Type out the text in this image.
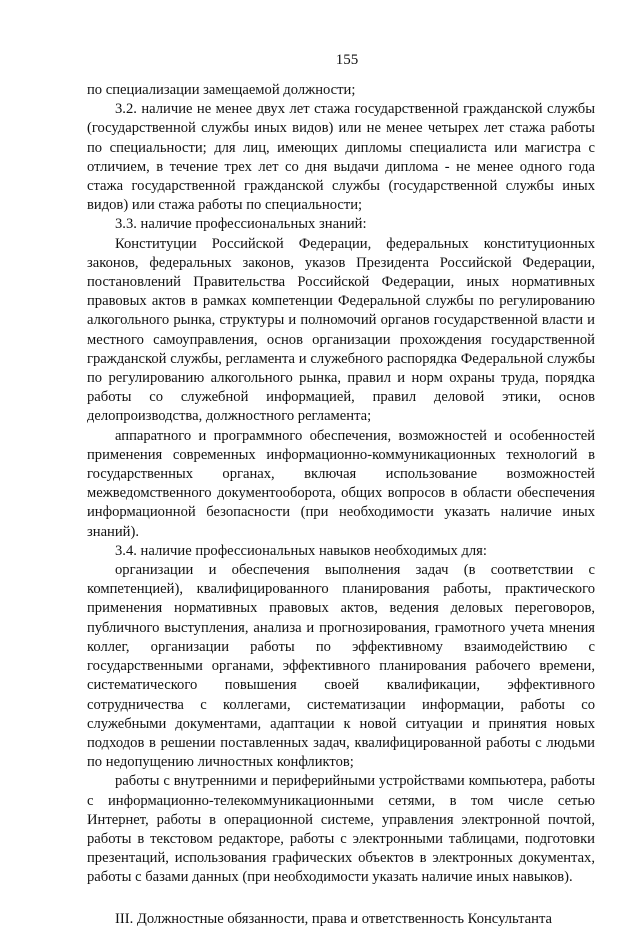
155

по специализации замещаемой должности;

3.2. наличие не менее двух лет стажа государственной гражданской службы (государственной службы иных видов) или не менее четырех лет стажа работы по специальности; для лиц, имеющих дипломы специалиста или магистра с отличием, в течение трех лет со дня выдачи диплома - не менее одного года стажа государственной гражданской службы (государственной службы иных видов) или стажа работы по специальности;

3.3. наличие профессиональных знаний:

Конституции Российской Федерации, федеральных конституционных законов, федеральных законов, указов Президента Российской Федерации, постановлений Правительства Российской Федерации, иных нормативных правовых актов в рамках компетенции Федеральной службы по регулированию алкогольного рынка, структуры и полномочий органов государственной власти и местного самоуправления, основ организации прохождения государственной гражданской службы, регламента и служебного распорядка Федеральной службы по регулированию алкогольного рынка, правил и норм охраны труда, порядка работы со служебной информацией, правил деловой этики, основ делопроизводства, должностного регламента;

аппаратного и программного обеспечения, возможностей и особенностей применения современных информационно-коммуникационных технологий в государственных органах, включая использование возможностей межведомственного документооборота, общих вопросов в области обеспечения информационной безопасности (при необходимости указать наличие иных знаний).

3.4. наличие профессиональных навыков необходимых для:

организации и обеспечения выполнения задач (в соответствии с компетенцией), квалифицированного планирования работы, практического применения нормативных правовых актов, ведения деловых переговоров, публичного выступления, анализа и прогнозирования, грамотного учета мнения коллег, организации работы по эффективному взаимодействию с государственными органами, эффективного планирования рабочего времени, систематического повышения своей квалификации, эффективного сотрудничества с коллегами, систематизации информации, работы со служебными документами, адаптации к новой ситуации и принятия новых подходов в решении поставленных задач, квалифицированной работы с людьми по недопущению личностных конфликтов;

работы с внутренними и периферийными устройствами компьютера, работы с информационно-телекоммуникационными сетями, в том числе сетью Интернет, работы в операционной системе, управления электронной почтой, работы в текстовом редакторе, работы с электронными таблицами, подготовки презентаций, использования графических объектов в электронных документах, работы с базами данных (при необходимости указать наличие иных навыков).

III. Должностные обязанности, права и ответственность Консультанта
